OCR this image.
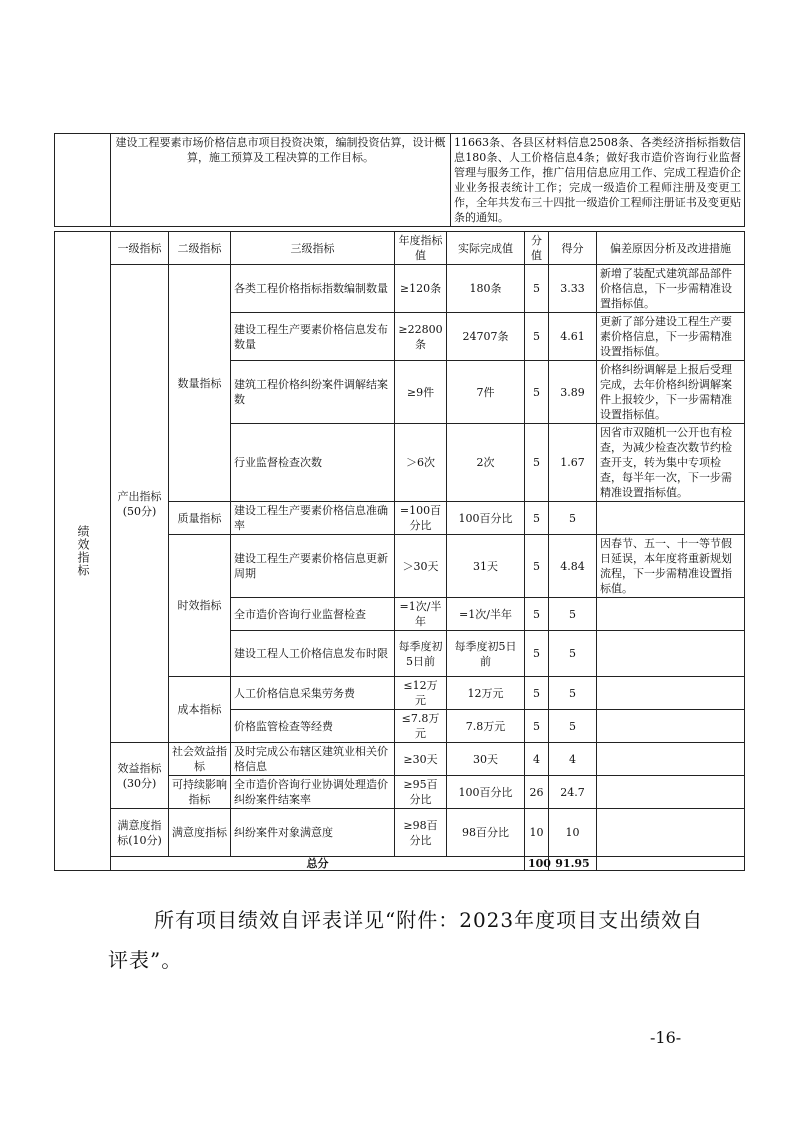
	建设工程要素市场价格信息市项目投资决策，编制投资估算，设计概算，施工预算及工程决算的工作目标。	11663条、各县区材料信息2508条、各类经济指标指数信息180条、人工价格信息4条；做好我市造价咨询行业监督管理与服务工作，推广信用信息应用工作、完成工程造价企业业务报表统计工作；完成一级造价工程师注册及变更工作，全年共发布三十四批一级造价工程师注册证书及变更贴条的通知。
绩效指标	一级指标	二级指标	三级指标	年度指标值	实际完成值	分值	得分	偏差原因分析及改进措施
	产出指标(50分)	数量指标	各类工程价格指标指数编制数量	≥120条	180条	5	3.33	新增了装配式建筑部品部件价格信息，下一步需精准设置指标值。
			建设工程生产要素价格信息发布数量	≥22800条	24707条	5	4.61	更新了部分建设工程生产要素价格信息，下一步需精准设置指标值。
			建筑工程价格纠纷案件调解结案数	≥9件	7件	5	3.89	价格纠纷调解是上报后受理完成，去年价格纠纷调解案件上报较少，下一步需精准设置指标值。
			行业监督检查次数	＞6次	2次	5	1.67	因省市双随机一公开也有检查，为减少检查次数节约检查开支，转为集中专项检查，每半年一次，下一步需精准设置指标值。
		质量指标	建设工程生产要素价格信息准确率	=100百分比	100百分比	5	5	
		时效指标	建设工程生产要素价格信息更新周期	＞30天	31天	5	4.84	因春节、五一、十一等节假日延误，本年度将重新规划流程，下一步需精准设置指标值。
			全市造价咨询行业监督检查	=1次/半年	=1次/半年	5	5	
			建设工程人工价格信息发布时限	每季度初5日前	每季度初5日前	5	5	
		成本指标	人工价格信息采集劳务费	≤12万元	12万元	5	5	
			价格监管检查等经费	≤7.8万元	7.8万元	5	5	
	效益指标(30分)	社会效益指标	及时完成公布辖区建筑业相关价格信息	≥30天	30天	4	4	
		可持续影响指标	全市造价咨询行业协调处理造价纠纷案件结案率	≥95百分比	100百分比	26	24.7	
	满意度指标(10分)	满意度指标	纠纷案件对象满意度	≥98百分比	98百分比	10	10	
	总分					100	91.95	
所有项目绩效自评表详见“附件：2023年度项目支出绩效自
评表”。
-16-
